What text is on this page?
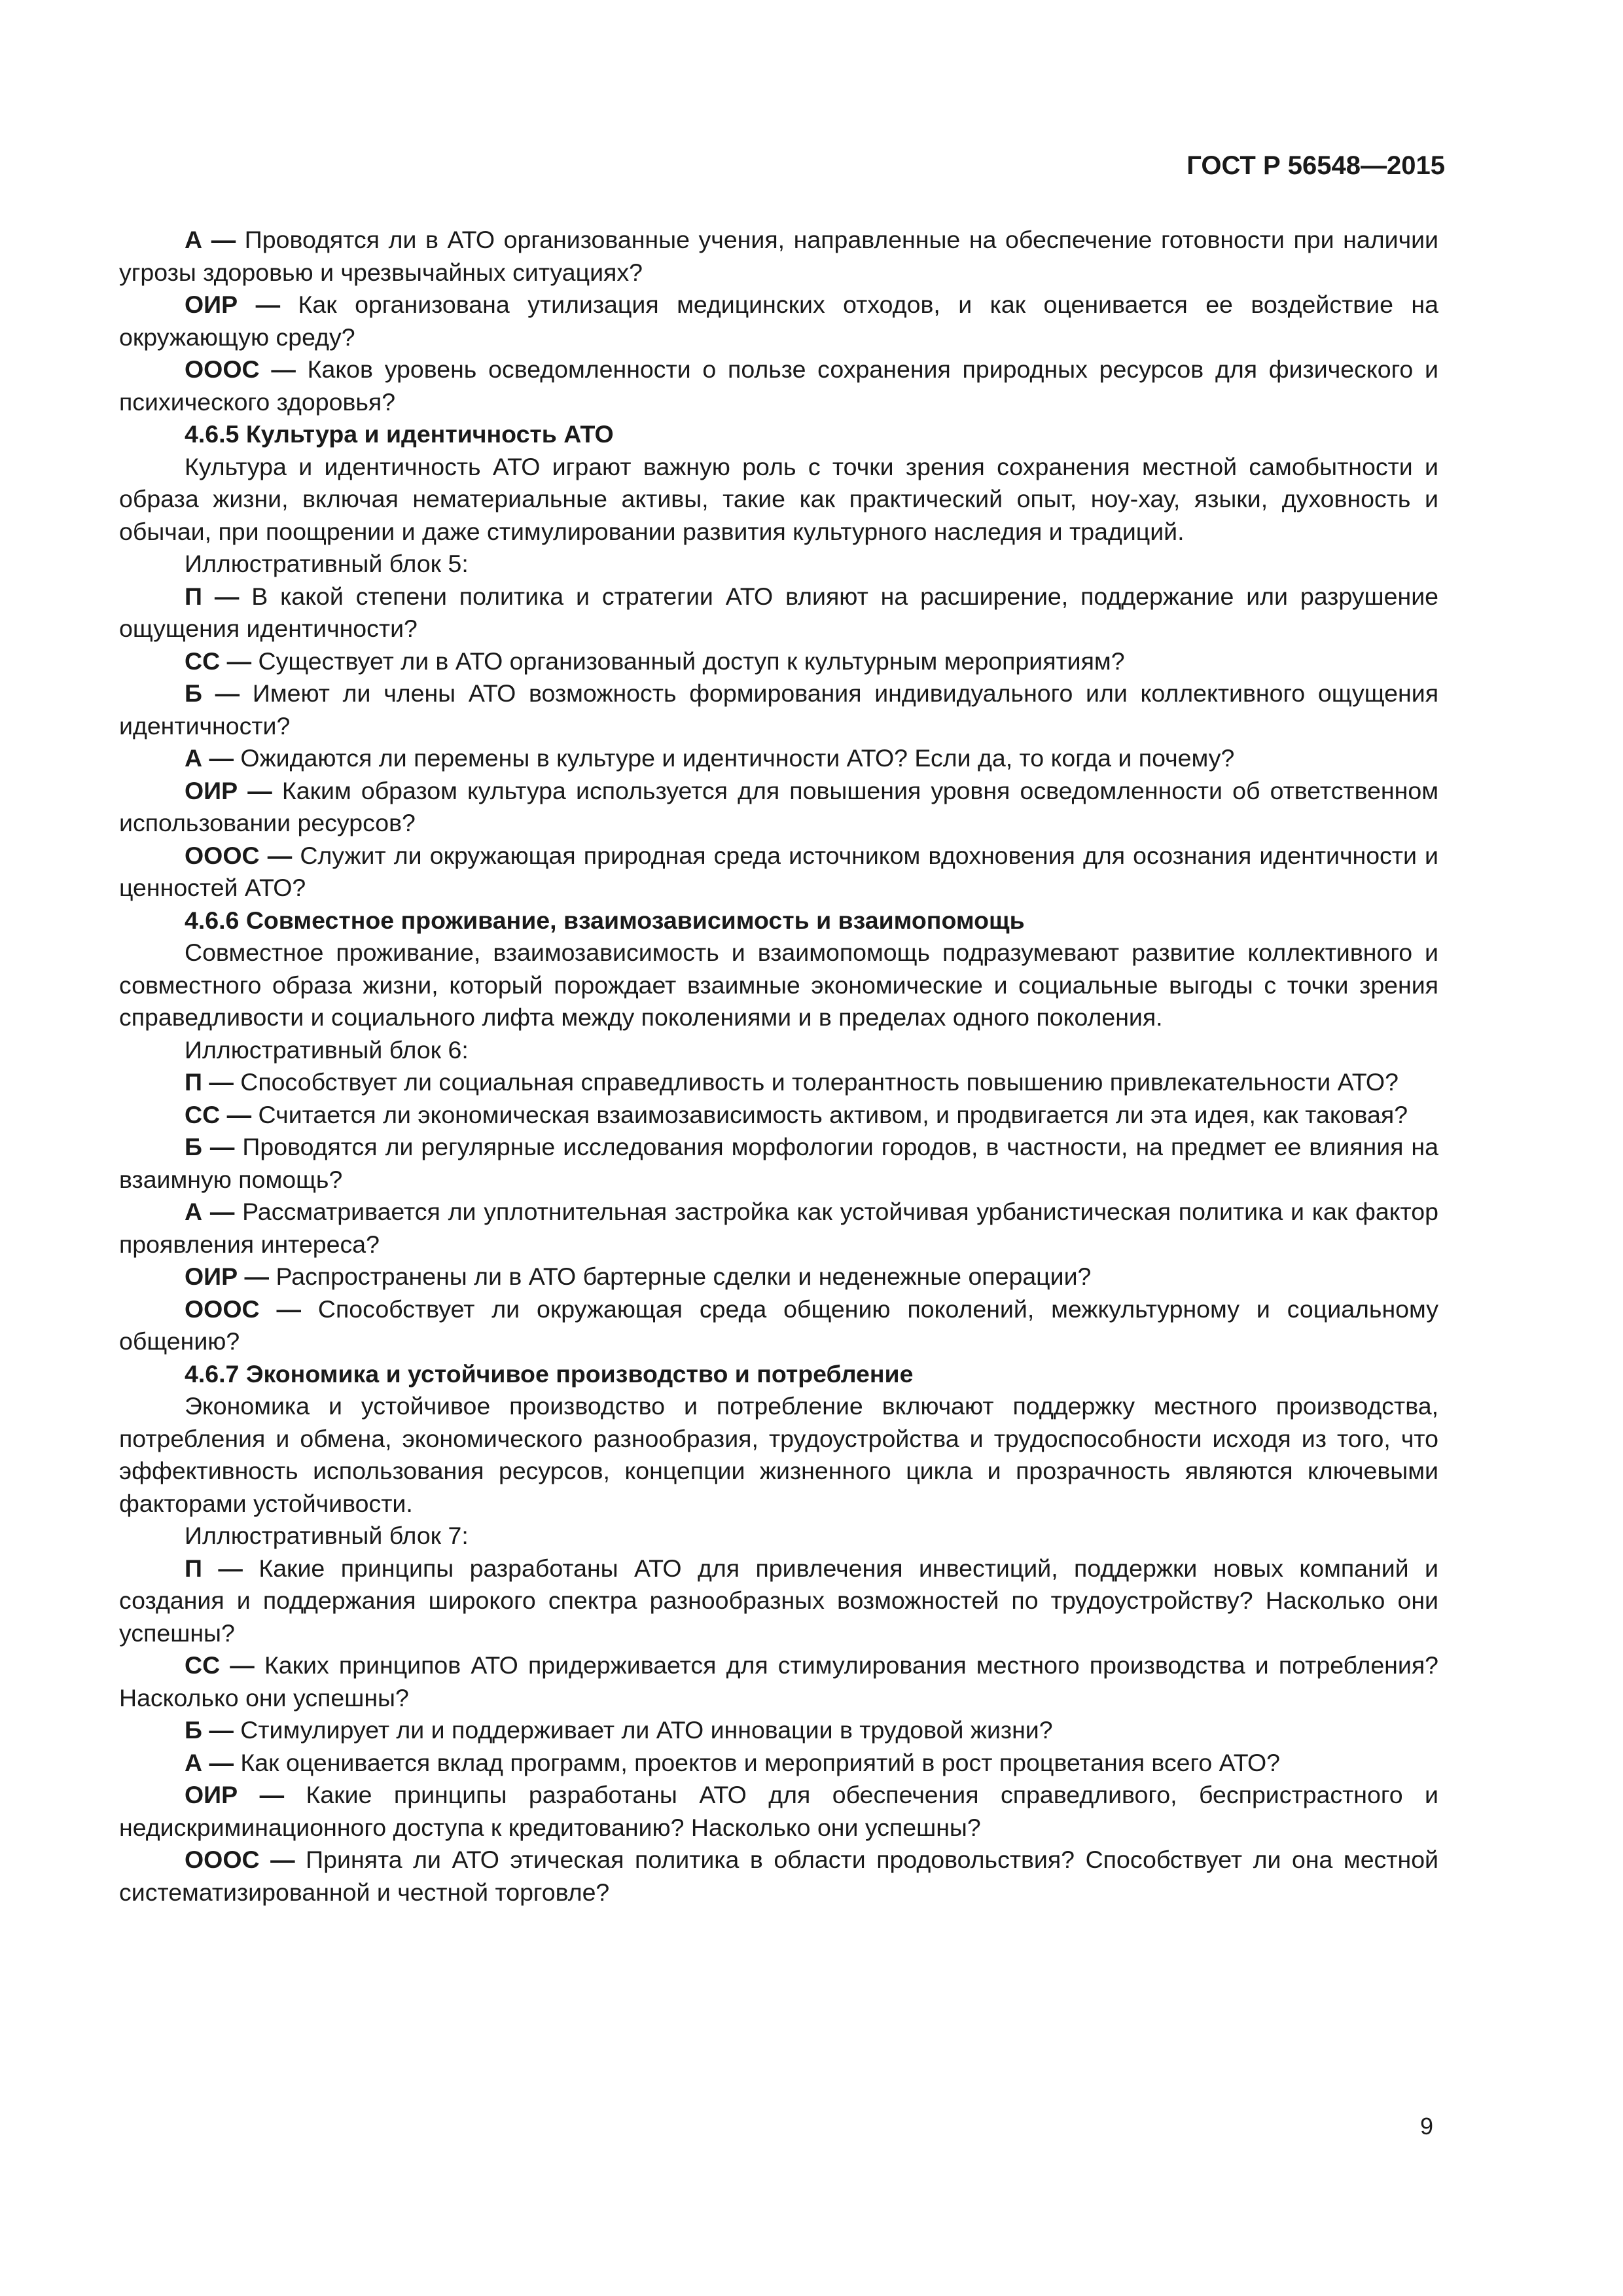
ГОСТ Р 56548—2015

А — Проводятся ли в АТО организованные учения, направленные на обеспечение готовности при наличии угрозы здоровью и чрезвычайных ситуациях?

ОИР — Как организована утилизация медицинских отходов, и как оценивается ее воздействие на окружающую среду?

ОООС — Каков уровень осведомленности о пользе сохранения природных ресурсов для физического и психического здоровья?

4.6.5 Культура и идентичность АТО

Культура и идентичность АТО играют важную роль с точки зрения сохранения местной самобытности и образа жизни, включая нематериальные активы, такие как практический опыт, ноу-хау, языки, духовность и обычаи, при поощрении и даже стимулировании развития культурного наследия и традиций.

Иллюстративный блок 5:

П — В какой степени политика и стратегии АТО влияют на расширение, поддержание или разрушение ощущения идентичности?

СС — Существует ли в АТО организованный доступ к культурным мероприятиям?

Б — Имеют ли члены АТО возможность формирования индивидуального или коллективного ощущения идентичности?

А — Ожидаются ли перемены в культуре и идентичности АТО? Если да, то когда и почему?

ОИР — Каким образом культура используется для повышения уровня осведомленности об ответственном использовании ресурсов?

ОООС — Служит ли окружающая природная среда источником вдохновения для осознания идентичности и ценностей АТО?

4.6.6 Совместное проживание, взаимозависимость и взаимопомощь

Совместное проживание, взаимозависимость и взаимопомощь подразумевают развитие коллективного и совместного образа жизни, который порождает взаимные экономические и социальные выгоды с точки зрения справедливости и социального лифта между поколениями и в пределах одного поколения.

Иллюстративный блок 6:

П — Способствует ли социальная справедливость и толерантность повышению привлекательности АТО?

СС — Считается ли экономическая взаимозависимость активом, и продвигается ли эта идея, как таковая?

Б — Проводятся ли регулярные исследования морфологии городов, в частности, на предмет ее влияния на взаимную помощь?

А — Рассматривается ли уплотнительная застройка как устойчивая урбанистическая политика и как фактор проявления интереса?

ОИР — Распространены ли в АТО бартерные сделки и неденежные операции?

ОООС — Способствует ли окружающая среда общению поколений, межкультурному и социальному общению?

4.6.7 Экономика и устойчивое производство и потребление

Экономика и устойчивое производство и потребление включают поддержку местного производства, потребления и обмена, экономического разнообразия, трудоустройства и трудоспособности исходя из того, что эффективность использования ресурсов, концепции жизненного цикла и прозрачность являются ключевыми факторами устойчивости.

Иллюстративный блок 7:

П — Какие принципы разработаны АТО для привлечения инвестиций, поддержки новых компаний и создания и поддержания широкого спектра разнообразных возможностей по трудоустройству? Насколько они успешны?

СС — Каких принципов АТО придерживается для стимулирования местного производства и потребления? Насколько они успешны?

Б — Стимулирует ли и поддерживает ли АТО инновации в трудовой жизни?

А — Как оценивается вклад программ, проектов и мероприятий в рост процветания всего АТО?

ОИР — Какие принципы разработаны АТО для обеспечения справедливого, беспристрастного и недискриминационного доступа к кредитованию? Насколько они успешны?

ОООС — Принята ли АТО этическая политика в области продовольствия? Способствует ли она местной систематизированной и честной торговле?

9
